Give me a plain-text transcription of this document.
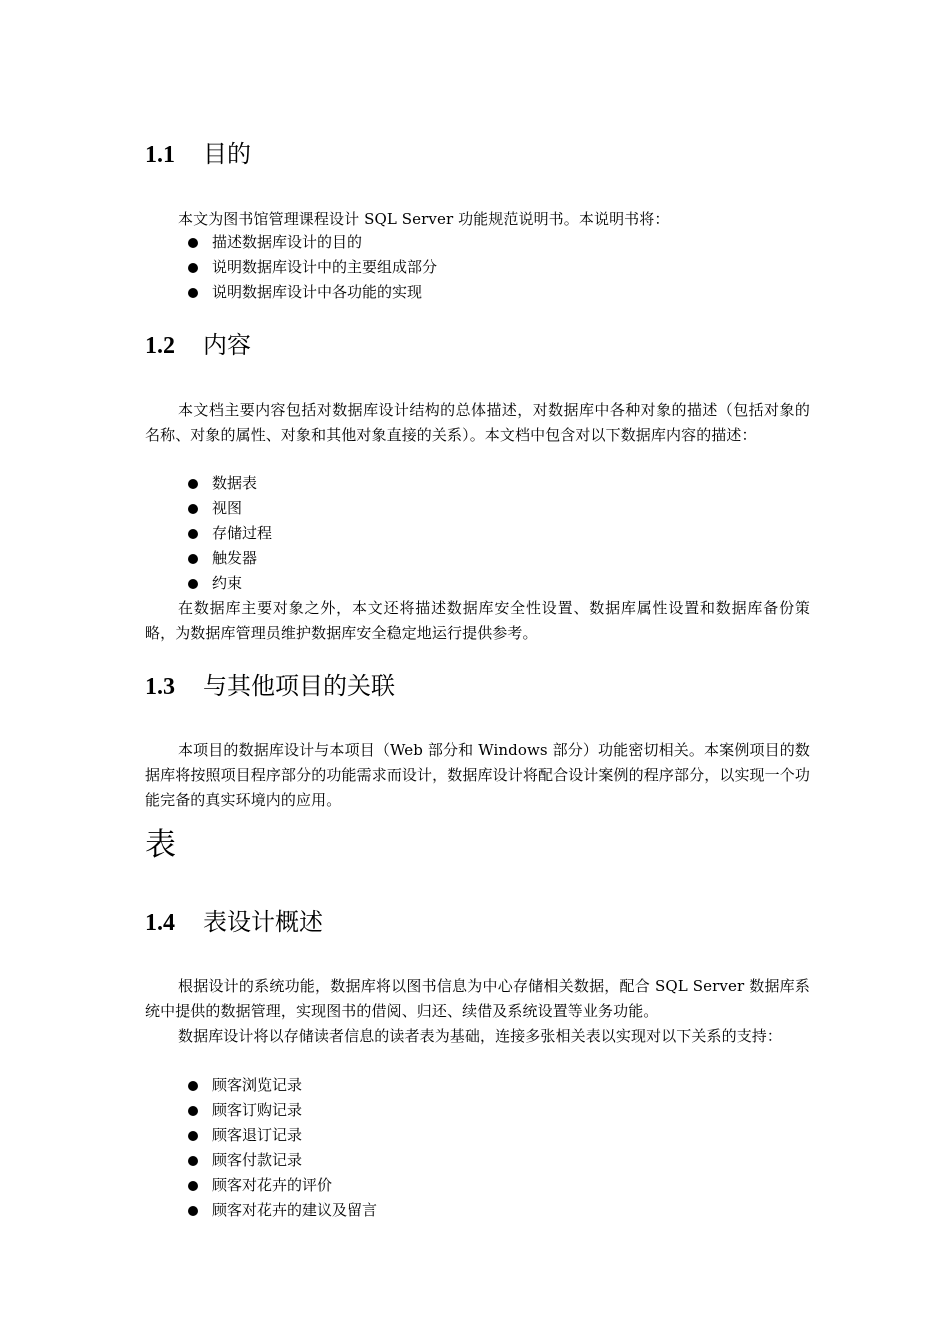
1.1 目的
本文为图书馆管理课程设计 SQL Server 功能规范说明书。本说明书将：
描述数据库设计的目的
说明数据库设计中的主要组成部分
说明数据库设计中各功能的实现
1.2 内容
本文档主要内容包括对数据库设计结构的总体描述，对数据库中各种对象的描述（包括对象的名称、对象的属性、对象和其他对象直接的关系）。本文档中包含对以下数据库内容的描述：
数据表
视图
存储过程
触发器
约束
在数据库主要对象之外，本文还将描述数据库安全性设置、数据库属性设置和数据库备份策略，为数据库管理员维护数据库安全稳定地运行提供参考。
1.3 与其他项目的关联
本项目的数据库设计与本项目（Web 部分和 Windows 部分）功能密切相关。本案例项目的数据库将按照项目程序部分的功能需求而设计，数据库设计将配合设计案例的程序部分，以实现一个功能完备的真实环境内的应用。
表
1.4 表设计概述
根据设计的系统功能，数据库将以图书信息为中心存储相关数据，配合 SQL Server 数据库系统中提供的数据管理，实现图书的借阅、归还、续借及系统设置等业务功能。
数据库设计将以存储读者信息的读者表为基础，连接多张相关表以实现对以下关系的支持：
顾客浏览记录
顾客订购记录
顾客退订记录
顾客付款记录
顾客对花卉的评价
顾客对花卉的建议及留言
